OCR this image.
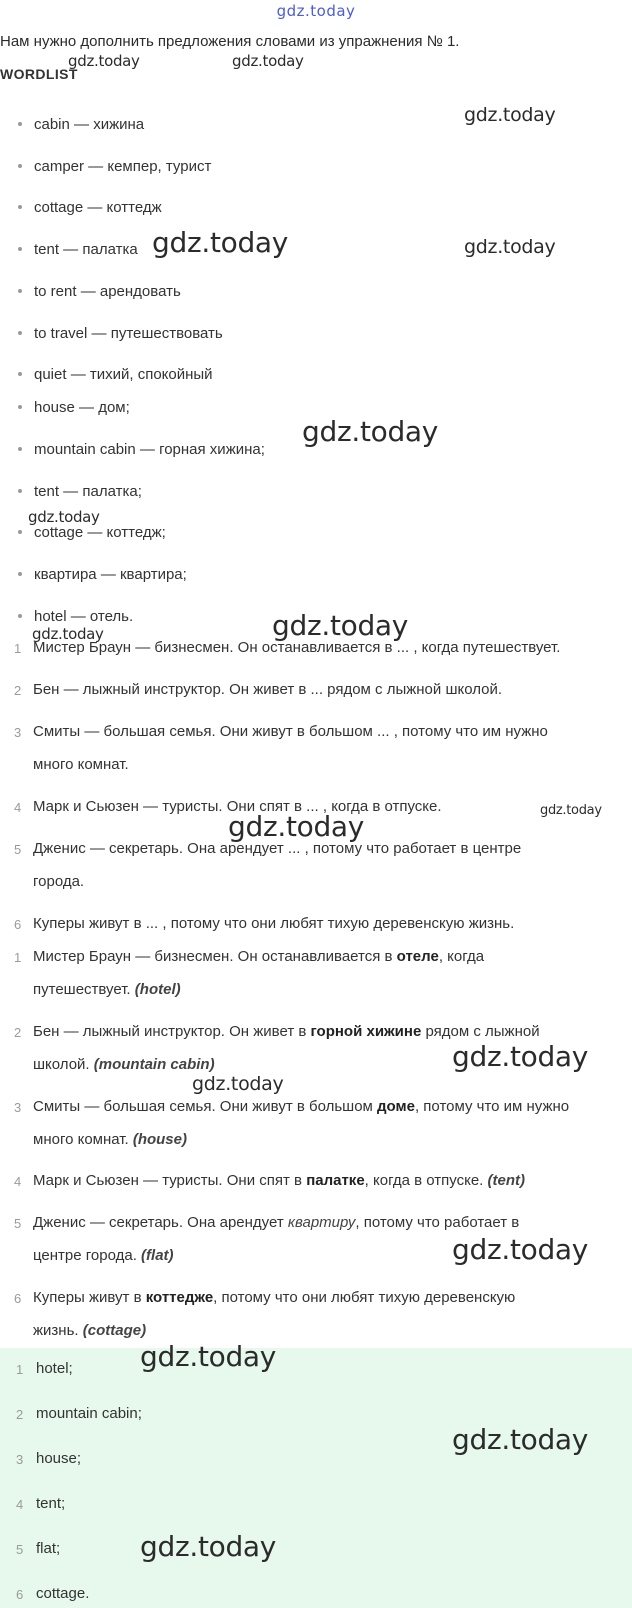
gdz.today
Нам нужно дополнить предложения словами из упражнения № 1.
WORDLIST
cabin — хижина
camper — кемпер, турист
cottage — коттедж
tent — палатка
to rent — арендовать
to travel — путешествовать
quiet — тихий, спокойный
house — дом;
mountain cabin — горная хижина;
tent — палатка;
cottage — коттедж;
квартира — квартира;
hotel — отель.
1 Мистер Браун — бизнесмен. Он останавливается в ... , когда путешествует.
2 Бен — лыжный инструктор. Он живет в ... рядом с лыжной школой.
3 Смиты — большая семья. Они живут в большом ... , потому что им нужно
много комнат.
4 Марк и Сьюзен — туристы. Они спят в ... , когда в отпуске.
5 Дженис — секретарь. Она арендует ... , потому что работает в центре
города.
6 Куперы живут в ... , потому что они любят тихую деревенскую жизнь.
1 Мистер Браун — бизнесмен. Он останавливается в отеле, когда
путешествует. (hotel)
2 Бен — лыжный инструктор. Он живет в горной хижине рядом с лыжной
школой. (mountain cabin)
3 Смиты — большая семья. Они живут в большом доме, потому что им нужно
много комнат. (house)
4 Марк и Сьюзен — туристы. Они спят в палатке, когда в отпуске. (tent)
5 Дженис — секретарь. Она арендует квартиру, потому что работает в
центре города. (flat)
6 Куперы живут в коттедже, потому что они любят тихую деревенскую
жизнь. (cottage)
1 hotel;
2 mountain cabin;
3 house;
4 tent;
5 flat;
6 cottage.
gdz.today	gdz.today
gdz.today
gdz.today	gdz.today
gdz.today
gdz.today
gdz.today
gdz.today
gdz.today
gdz.today
gdz.today
gdz.today
gdz.today
gdz.today
gdz.today
gdz.today
